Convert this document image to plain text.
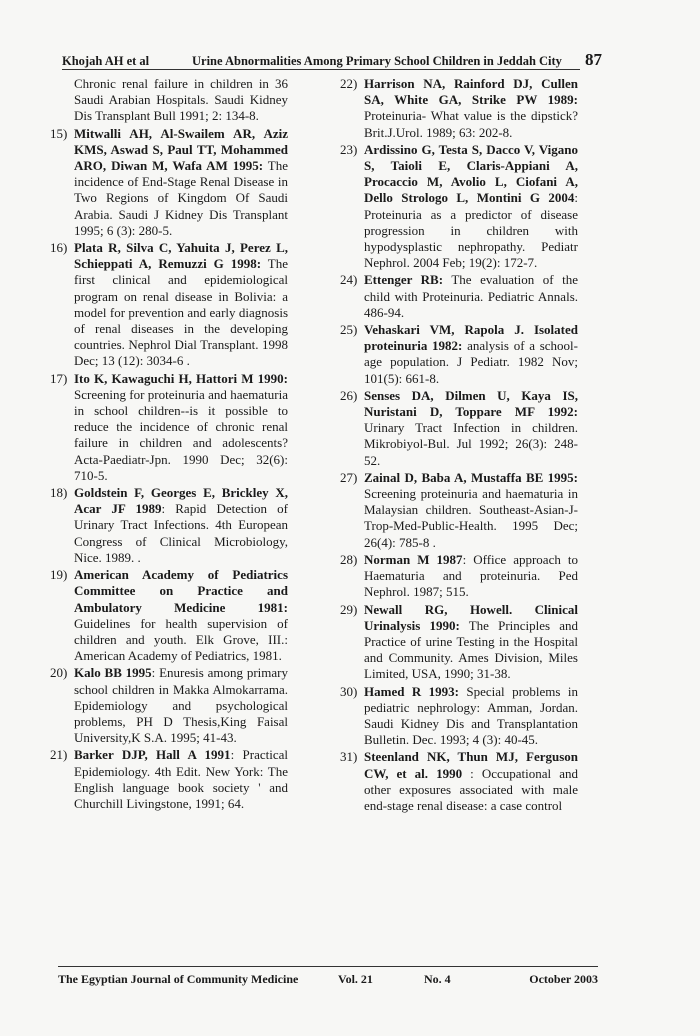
Khojah AH et al	Urine Abnormalities Among Primary School Children in Jeddah City 87
Chronic renal failure in children in 36 Saudi Arabian Hospitals. Saudi Kidney Dis Transplant Bull 1991; 2: 134-8.
15) Mitwalli AH, Al-Swailem AR, Aziz KMS, Aswad S, Paul TT, Mohammed ARO, Diwan M, Wafa AM 1995: The incidence of End-Stage Renal Disease in Two Regions of Kingdom Of Saudi Arabia. Saudi J Kidney Dis Transplant 1995; 6 (3): 280-5.
16) Plata R, Silva C, Yahuita J, Perez L, Schieppati A, Remuzzi G 1998: The first clinical and epidemiological program on renal disease in Bolivia: a model for prevention and early diagnosis of renal diseases in the developing countries. Nephrol Dial Transplant. 1998 Dec; 13 (12): 3034-6 .
17) Ito K, Kawaguchi H, Hattori M 1990: Screening for proteinuria and haematuria in school children--is it possible to reduce the incidence of chronic renal failure in children and adolescents? Acta-Paediatr-Jpn. 1990 Dec; 32(6): 710-5.
18) Goldstein F, Georges E, Brickley X, Acar JF 1989: Rapid Detection of Urinary Tract Infections. 4th European Congress of Clinical Microbiology, Nice. 1989. .
19) American Academy of Pediatrics Committee on Practice and Ambulatory Medicine 1981: Guidelines for health supervision of children and youth. Elk Grove, III.: American Academy of Pediatrics, 1981.
20) Kalo BB 1995: Enuresis among primary school children in Makka Almokarrama. Epidemiology and psychological problems, PH D Thesis,King Faisal University,K S.A. 1995; 41-43.
21) Barker DJP, Hall A 1991: Practical Epidemiology. 4th Edit. New York: The English language book society ' and Churchill Livingstone, 1991; 64.
22) Harrison NA, Rainford DJ, Cullen SA, White GA, Strike PW 1989: Proteinuria- What value is the dipstick? Brit.J.Urol. 1989; 63: 202-8.
23) Ardissino G, Testa S, Dacco V, Vigano S, Taioli E, Claris-Appiani A, Procaccio M, Avolio L, Ciofani A, Dello Strologo L, Montini G 2004: Proteinuria as a predictor of disease progression in children with hypodysplastic nephropathy. Pediatr Nephrol. 2004 Feb; 19(2): 172-7.
24) Ettenger RB: The evaluation of the child with Proteinuria. Pediatric Annals. 486-94.
25) Vehaskari VM, Rapola J. Isolated proteinuria 1982: analysis of a school-age population. J Pediatr. 1982 Nov; 101(5): 661-8.
26) Senses DA, Dilmen U, Kaya IS, Nuristani D, Toppare MF 1992: Urinary Tract Infection in children. Mikrobiyol-Bul. Jul 1992; 26(3): 248-52.
27) Zainal D, Baba A, Mustaffa BE 1995: Screening proteinuria and haematuria in Malaysian children. Southeast-Asian-J-Trop-Med-Public-Health. 1995 Dec; 26(4): 785-8 .
28) Norman M 1987: Office approach to Haematuria and proteinuria. Ped Nephrol. 1987; 515.
29) Newall RG, Howell. Clinical Urinalysis 1990: The Principles and Practice of urine Testing in the Hospital and Community. Ames Division, Miles Limited, USA, 1990; 31-38.
30) Hamed R 1993: Special problems in pediatric nephrology: Amman, Jordan. Saudi Kidney Dis and Transplantation Bulletin. Dec. 1993; 4 (3): 40-45.
31) Steenland NK, Thun MJ, Ferguson CW, et al. 1990 : Occupational and other exposures associated with male end-stage renal disease: a case control
The Egyptian Journal of Community Medicine	Vol. 21	No. 4	October 2003
